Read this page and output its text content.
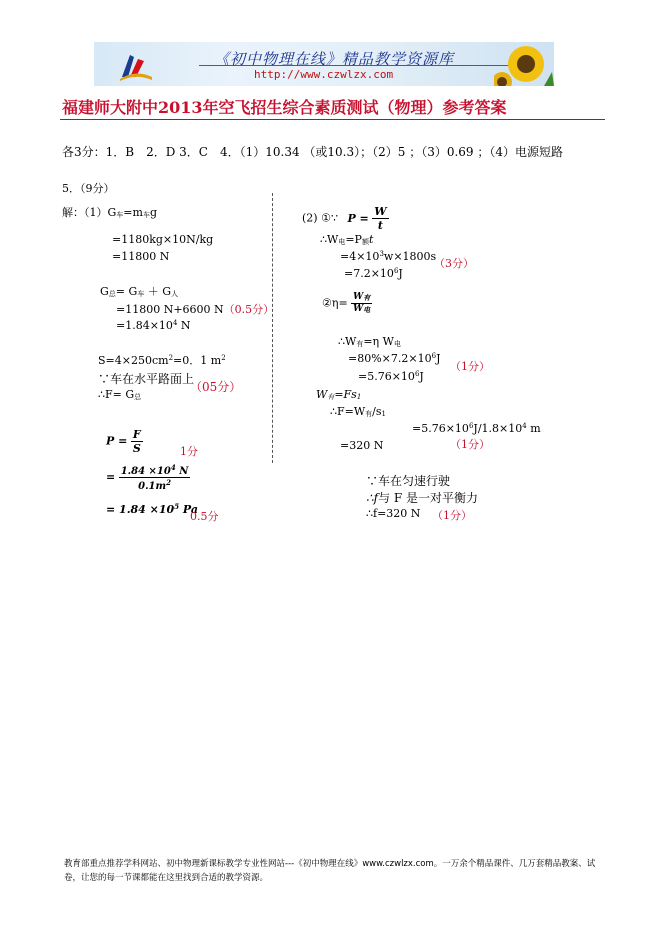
《初中物理在线》精品教学资源库
http://www.czwlzx.com
福建师大附中2013年空飞招生综合素质测试（物理）参考答案
各3分：1．B　2．D 3．C　4．（1）10.34 （或10.3）；（2）5 ；（3）0.69 ；（4）电源短路
5．（9分）
解：（1）G车=m车g
=1180kg×10N/kg
=11800 N
G总= G车 ＋ G人
=11800 N+6600 N（0.5分）
$=1.84\times 10^4$ N
$S=4\times 250cm^2=0$．1 $m^2$
∵车在水平路面上
（05分）
∴F= G总
$P = \frac{F}{S}$	1分
= $\frac{1.84 \times 10^4 N}{0.1m^2}$
= $1.84 \times 10^5$ Pa
0.5分
(2) ①∵ $P = \frac{W}{t}$
∴W电=P额t
$=4\times 10^3w\times 1800s$
（3分）
$=7.2\times 10^6J$
②η= $\frac{\text{W有}}{\text{W电}}$
∴W有=η W电
$=80\%\times 7.2\times 10^6J$
（1分）
$=5.76\times 10^6J$
W有=Fs1
∴F=W有/s1
$=5.76\times 10^6J/1.8\times 10^4$ m
=320 N	（1分）
∵车在匀速行驶
∴f与 F 是一对平衡力
∴f=320 N （1分）
教育部重点推荐学科网站、初中物理新课标教学专业性网站---《初中物理在线》www.czwlzx.com。一万余个精品课件、几万套精品教案、试卷，让您的每一节课都能在这里找到合适的教学资源。
